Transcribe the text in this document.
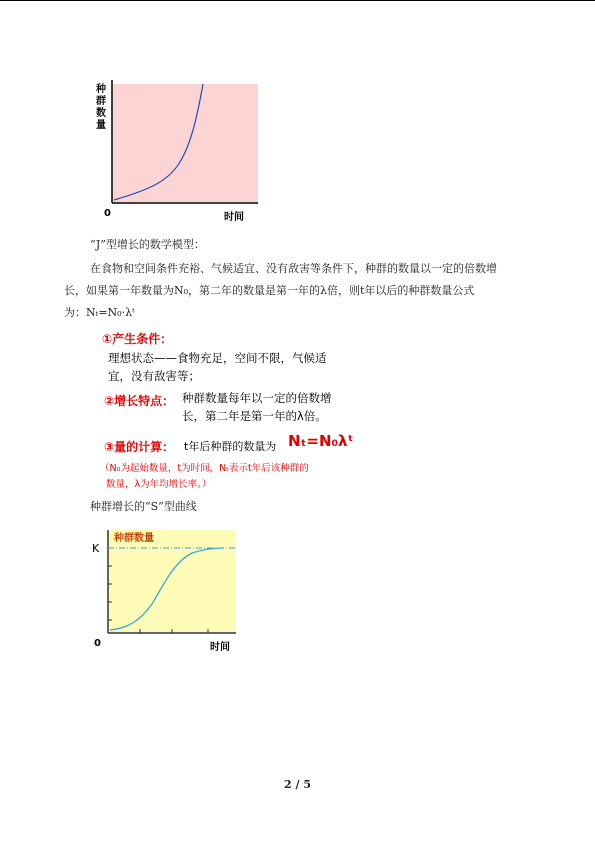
种
群
数
量
0	时间
“J”型增长的数学模型：
在食物和空间条件充裕、气候适宜、没有敌害等条件下，种群的数量以一定的倍数增
长，如果第一年数量为N₀，第二年的数量是第一年的λ倍，则t年以后的种群数量公式
为：Nₜ=N₀·λᵗ
①产生条件：
理想状态——食物充足，空间不限，气候适
宜，没有敌害等；
②增长特点： 种群数量每年以一定的倍数增
长，第二年是第一年的λ倍。
③量的计算： t年后种群的数量为 Nₜ=N₀λᵗ
（N₀为起始数量，t为时间，Nₜ表示t年后该种群的
数量，λ为年均增长率。）
种群增长的“S”型曲线
种群数量
K
0	时间
2 / 5
